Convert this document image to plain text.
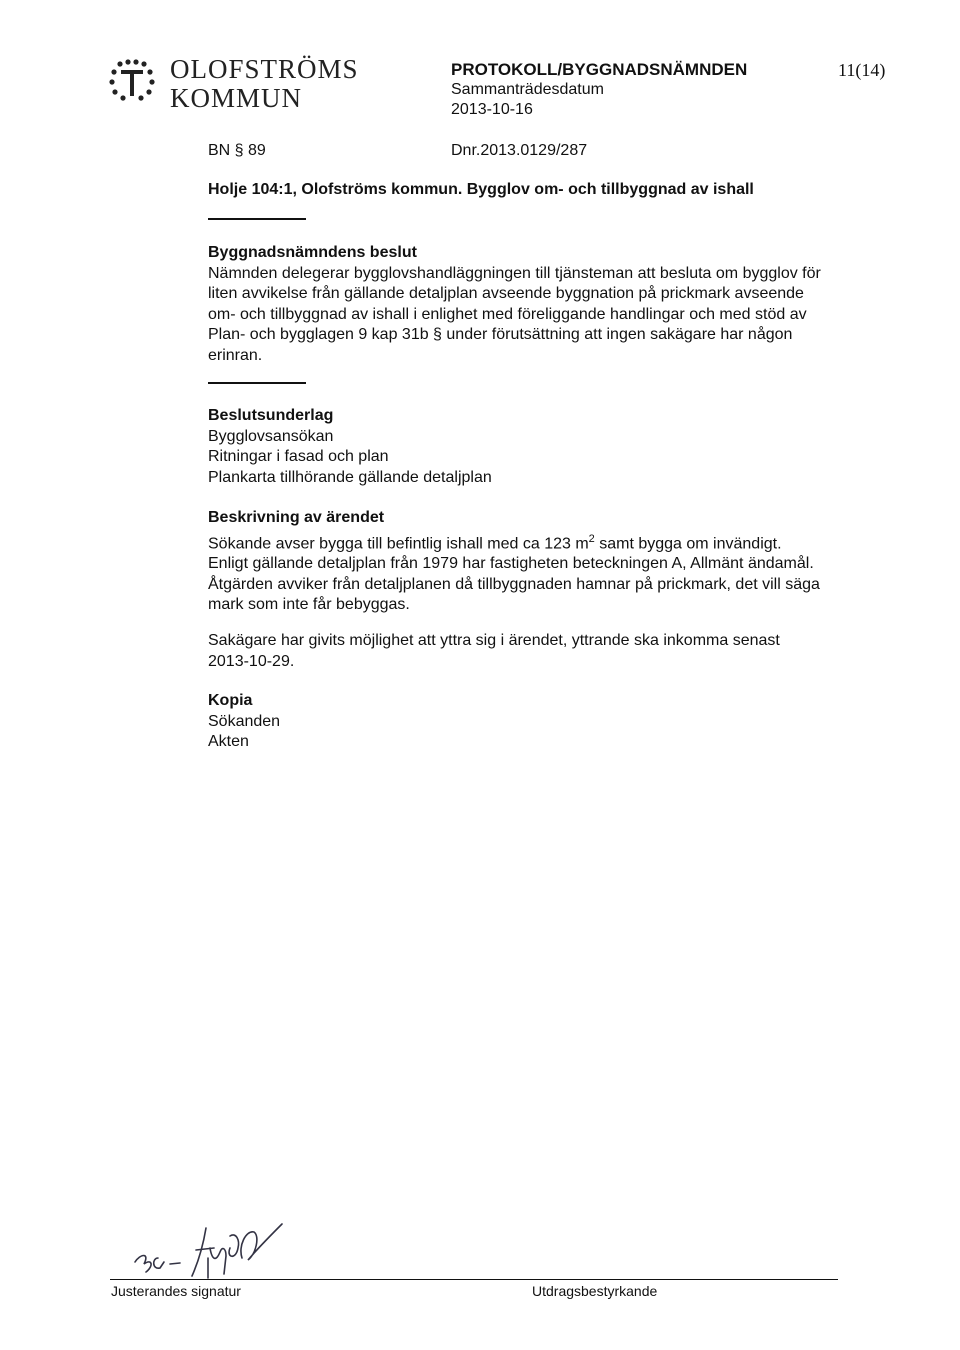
OLOFSTRÖMS
KOMMUN
PROTOKOLL/BYGGNADSNÄMNDEN
Sammanträdesdatum
2013-10-16
11(14)
BN § 89	Dnr.2013.0129/287
Holje 104:1, Olofströms kommun. Bygglov om- och tillbyggnad av ishall
Byggnadsnämndens beslut
Nämnden delegerar bygglovshandläggningen till tjänsteman att besluta om bygglov för
liten avvikelse från gällande detaljplan avseende byggnation på prickmark avseende
om- och tillbyggnad av ishall i enlighet med föreliggande handlingar och med stöd av
Plan- och bygglagen 9 kap 31b § under förutsättning att ingen sakägare har någon
erinran.
Beslutsunderlag
Bygglovsansökan
Ritningar i fasad och plan
Plankarta tillhörande gällande detaljplan
Beskrivning av ärendet
Sökande avser bygga till befintlig ishall med ca 123 $m^2$ samt bygga om invändigt.
Enligt gällande detaljplan från 1979 har fastigheten beteckningen A, Allmänt ändamål.
Åtgärden avviker från detaljplanen då tillbyggnaden hamnar på prickmark, det vill säga
mark som inte får bebyggas.
Sakägare har givits möjlighet att yttra sig i ärendet, yttrande ska inkomma senast
2013-10-29.
Kopia
Sökanden
Akten
Justerandes signatur	Utdragsbestyrkande
